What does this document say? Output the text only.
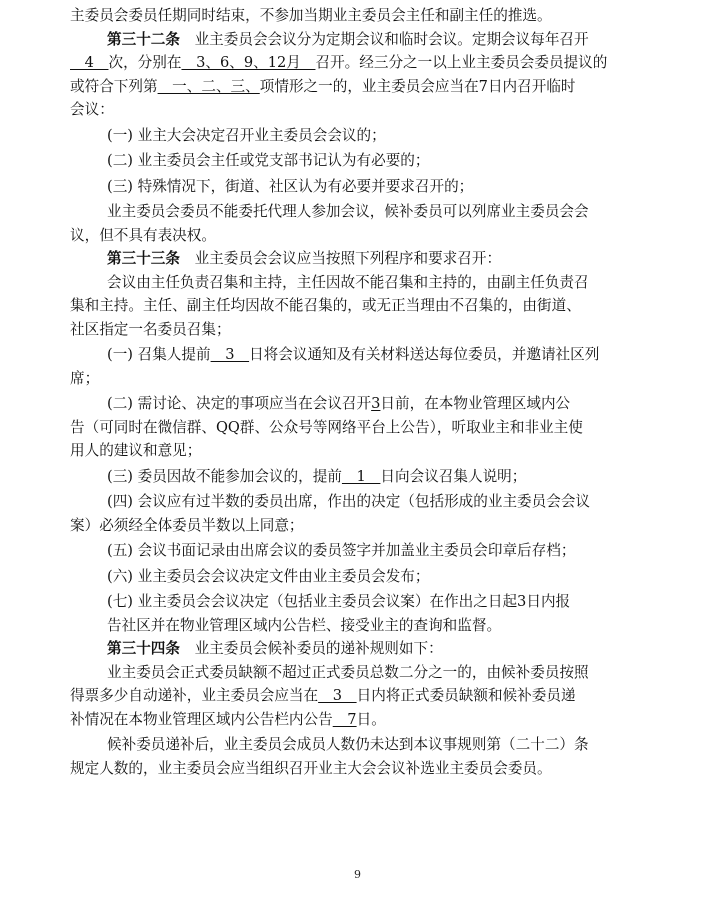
主委员会委员任期同时结束，不参加当期业主委员会主任和副主任的推选。

第三十二条　业主委员会会议分为定期会议和临时会议。定期会议每年召开

　4　次，分别在　3、6、9、12月　召开。经三分之一以上业主委员会委员提议的

或符合下列第　一、二、三、项情形之一的，业主委员会应当在7日内召开临时

会议：

(一) 业主大会决定召开业主委员会会议的；

(二) 业主委员会主任或党支部书记认为有必要的；

(三) 特殊情况下，街道、社区认为有必要并要求召开的；

业主委员会委员不能委托代理人参加会议，候补委员可以列席业主委员会会

议，但不具有表决权。

第三十三条　业主委员会会议应当按照下列程序和要求召开：

会议由主任负责召集和主持，主任因故不能召集和主持的，由副主任负责召

集和主持。主任、副主任均因故不能召集的，或无正当理由不召集的，由街道、

社区指定一名委员召集；

(一) 召集人提前　3　日将会议通知及有关材料送达每位委员，并邀请社区列

席；

(二) 需讨论、决定的事项应当在会议召开3日前，在本物业管理区域内公

告（可同时在微信群、QQ群、公众号等网络平台上公告），听取业主和非业主使

用人的建议和意见；

(三) 委员因故不能参加会议的，提前　1　日向会议召集人说明；

(四) 会议应有过半数的委员出席，作出的决定（包括形成的业主委员会会议

案）必须经全体委员半数以上同意；

(五) 会议书面记录由出席会议的委员签字并加盖业主委员会印章后存档；

(六) 业主委员会会议决定文件由业主委员会发布；

(七) 业主委员会会议决定（包括业主委员会议案）在作出之日起3日内报

告社区并在物业管理区域内公告栏、接受业主的查询和监督。

第三十四条　业主委员会候补委员的递补规则如下：

业主委员会正式委员缺额不超过正式委员总数二分之一的，由候补委员按照

得票多少自动递补，业主委员会应当在　3　日内将正式委员缺额和候补委员递

补情况在本物业管理区域内公告栏内公告　7日。

候补委员递补后，业主委员会成员人数仍未达到本议事规则第（二十二）条

规定人数的，业主委员会应当组织召开业主大会会议补选业主委员会委员。

9
